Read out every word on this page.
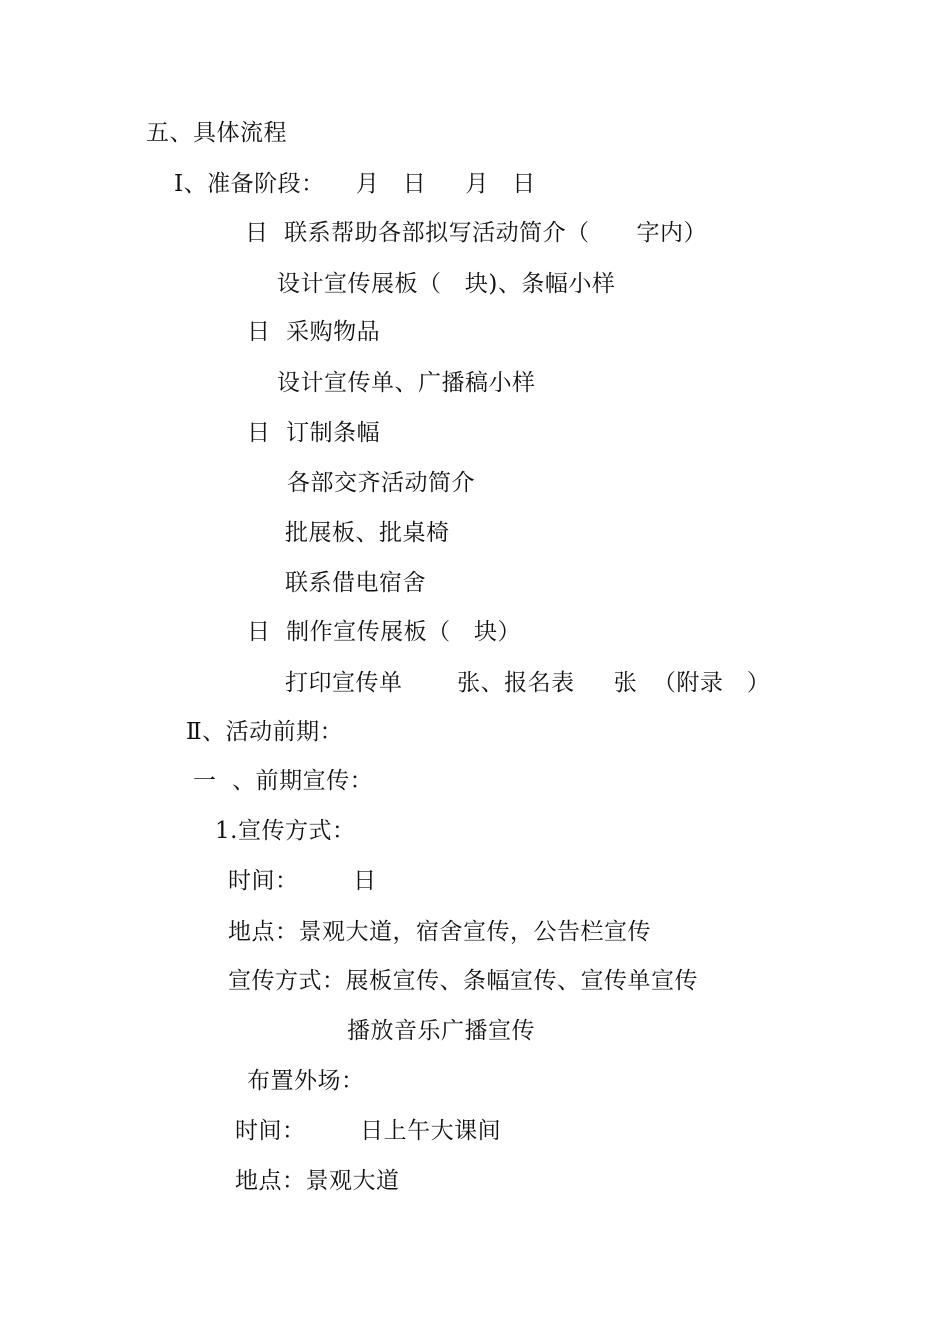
五、具体流程
Ⅰ、准备阶段：    月   日     月   日
日  联系帮助各部拟写活动简介（      字内）
设计宣传展板（   块)、条幅小样
日  采购物品
设计宣传单、广播稿小样
日  订制条幅
各部交齐活动简介
批展板、批桌椅
联系借电宿舍
日  制作宣传展板（   块）
打印宣传单       张、报名表     张  （附录   ）
Ⅱ、活动前期：
一  、前期宣传：
1.宣传方式：
时间：       日
地点：景观大道，宿舍宣传，公告栏宣传
宣传方式：展板宣传、条幅宣传、宣传单宣传
播放音乐广播宣传
布置外场：
时间：       日上午大课间
地点：景观大道
